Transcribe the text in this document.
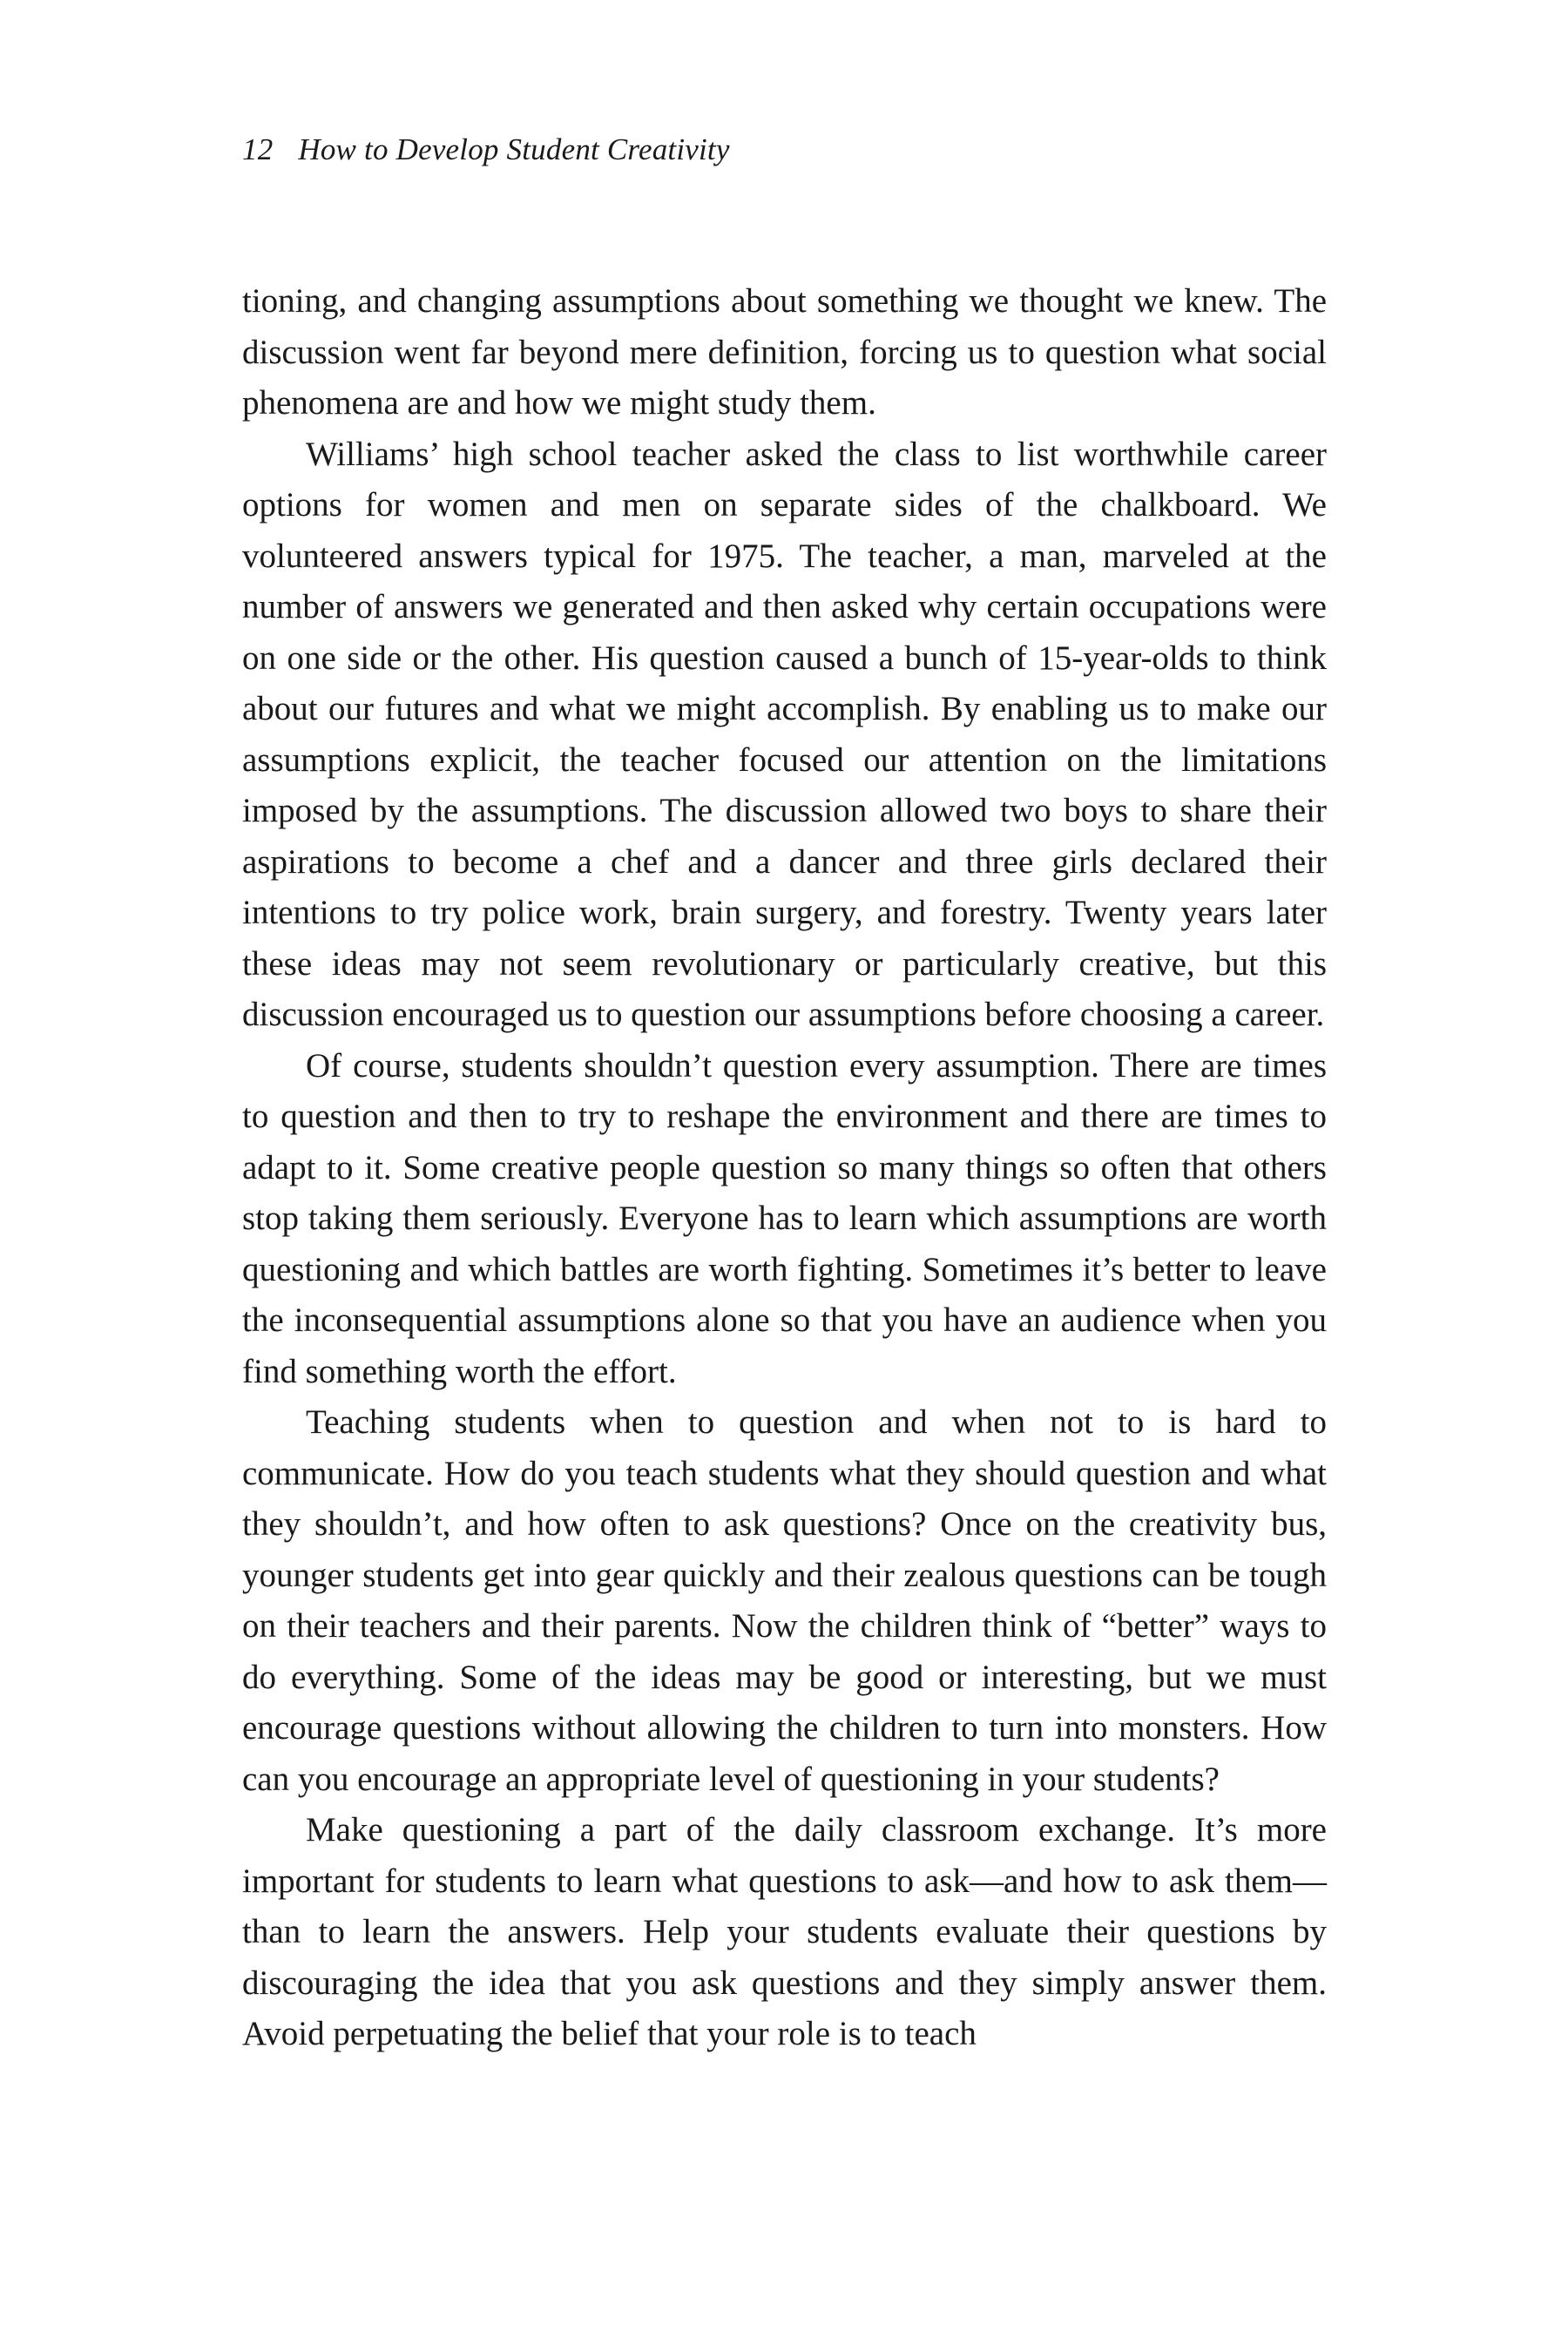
12 How to Develop Student Creativity

tioning, and changing assumptions about something we thought we knew. The discussion went far beyond mere definition, forcing us to question what social phenomena are and how we might study them.

Williams’ high school teacher asked the class to list worthwhile career options for women and men on separate sides of the chalkboard. We volunteered answers typical for 1975. The teacher, a man, marveled at the number of answers we generated and then asked why certain occupations were on one side or the other. His question caused a bunch of 15-year-olds to think about our futures and what we might accomplish. By enabling us to make our assumptions explicit, the teacher focused our attention on the limitations imposed by the assumptions. The discussion allowed two boys to share their aspirations to become a chef and a dancer and three girls declared their intentions to try police work, brain surgery, and forestry. Twenty years later these ideas may not seem revolutionary or particularly creative, but this discussion encouraged us to question our assumptions before choosing a career.

Of course, students shouldn’t question every assumption. There are times to question and then to try to reshape the environment and there are times to adapt to it. Some creative people question so many things so often that others stop taking them seriously. Everyone has to learn which assumptions are worth questioning and which battles are worth fighting. Sometimes it’s better to leave the inconsequential assumptions alone so that you have an audience when you find something worth the effort.

Teaching students when to question and when not to is hard to communicate. How do you teach students what they should question and what they shouldn’t, and how often to ask questions? Once on the creativity bus, younger students get into gear quickly and their zealous questions can be tough on their teachers and their parents. Now the children think of “better” ways to do everything. Some of the ideas may be good or interesting, but we must encourage questions without allowing the children to turn into monsters. How can you encourage an appropriate level of questioning in your students?

Make questioning a part of the daily classroom exchange. It’s more important for students to learn what questions to ask—and how to ask them—than to learn the answers. Help your students evaluate their questions by discouraging the idea that you ask questions and they simply answer them. Avoid perpetuating the belief that your role is to teach
